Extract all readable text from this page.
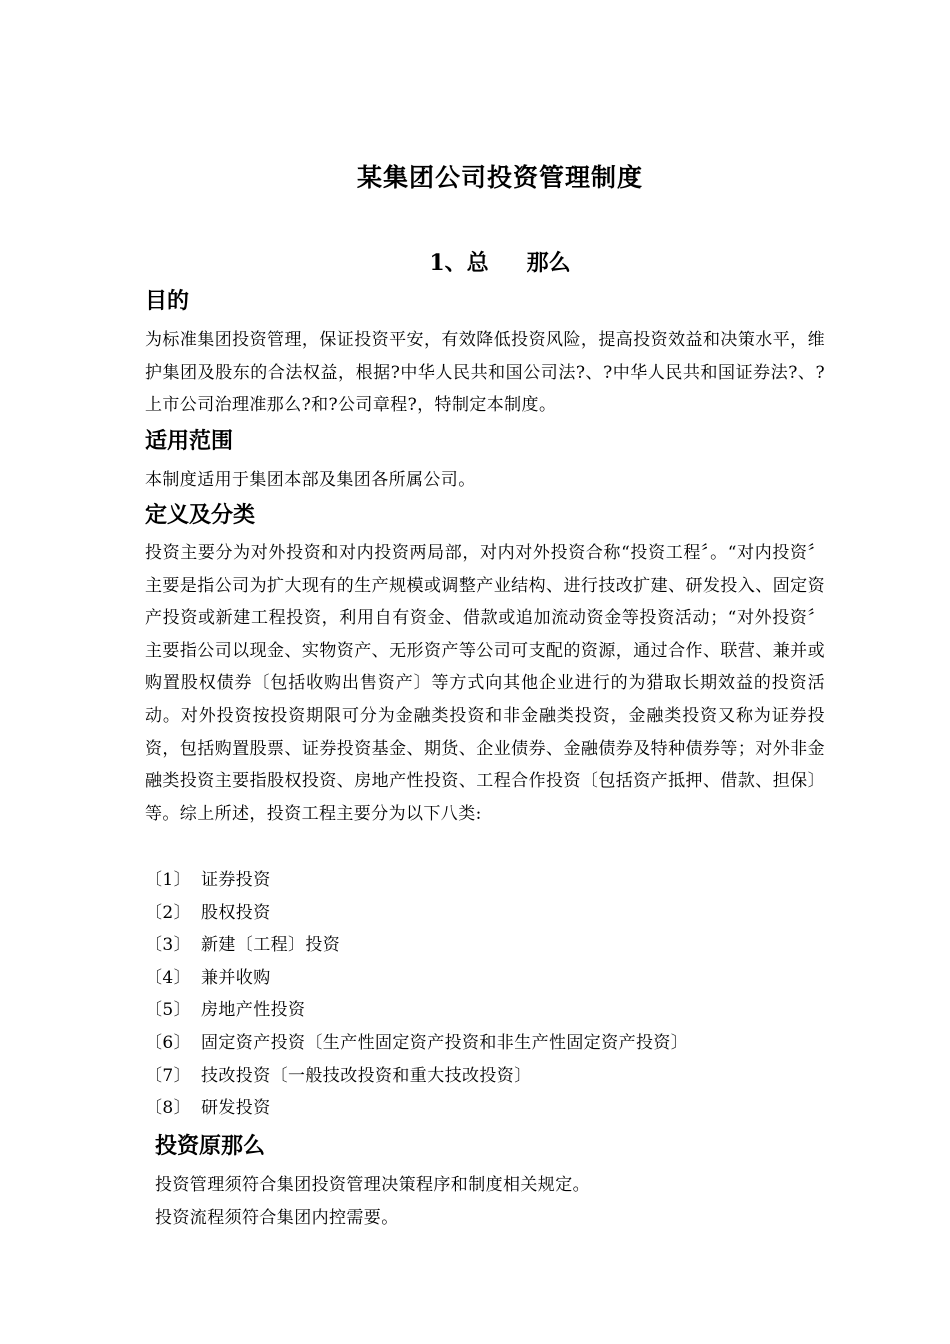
某集团公司投资管理制度
1、总 那么
目的

为标准集团投资管理，保证投资平安，有效降低投资风险，提高投资效益和决策水平，维护集团及股东的合法权益，根据?中华人民共和国公司法?、?中华人民共和国证券法?、?上市公司治理准那么?和?公司章程?，特制定本制度。

适用范围

本制度适用于集团本部及集团各所属公司。

定义及分类

投资主要分为对外投资和对内投资两局部，对内对外投资合称“投资工程〞。“对内投资〞主要是指公司为扩大现有的生产规模或调整产业结构、进行技改扩建、研发投入、固定资产投资或新建工程投资，利用自有资金、借款或追加流动资金等投资活动；“对外投资〞主要指公司以现金、实物资产、无形资产等公司可支配的资源，通过合作、联营、兼并或购置股权债券〔包括收购出售资产〕等方式向其他企业进行的为猎取长期效益的投资活动。对外投资按投资期限可分为金融类投资和非金融类投资，金融类投资又称为证券投资，包括购置股票、证券投资基金、期货、企业债券、金融债券及特种债券等；对外非金融类投资主要指股权投资、房地产性投资、工程合作投资〔包括资产抵押、借款、担保〕等。综上所述，投资工程主要分为以下八类:

〔1〕 证券投资
〔2〕 股权投资
〔3〕 新建〔工程〕投资
〔4〕 兼并收购
〔5〕 房地产性投资
〔6〕 固定资产投资〔生产性固定资产投资和非生产性固定资产投资〕
〔7〕 技改投资〔一般技改投资和重大技改投资〕
〔8〕 研发投资
投资原那么

投资管理须符合集团投资管理决策程序和制度相关规定。

投资流程须符合集团内控需要。
